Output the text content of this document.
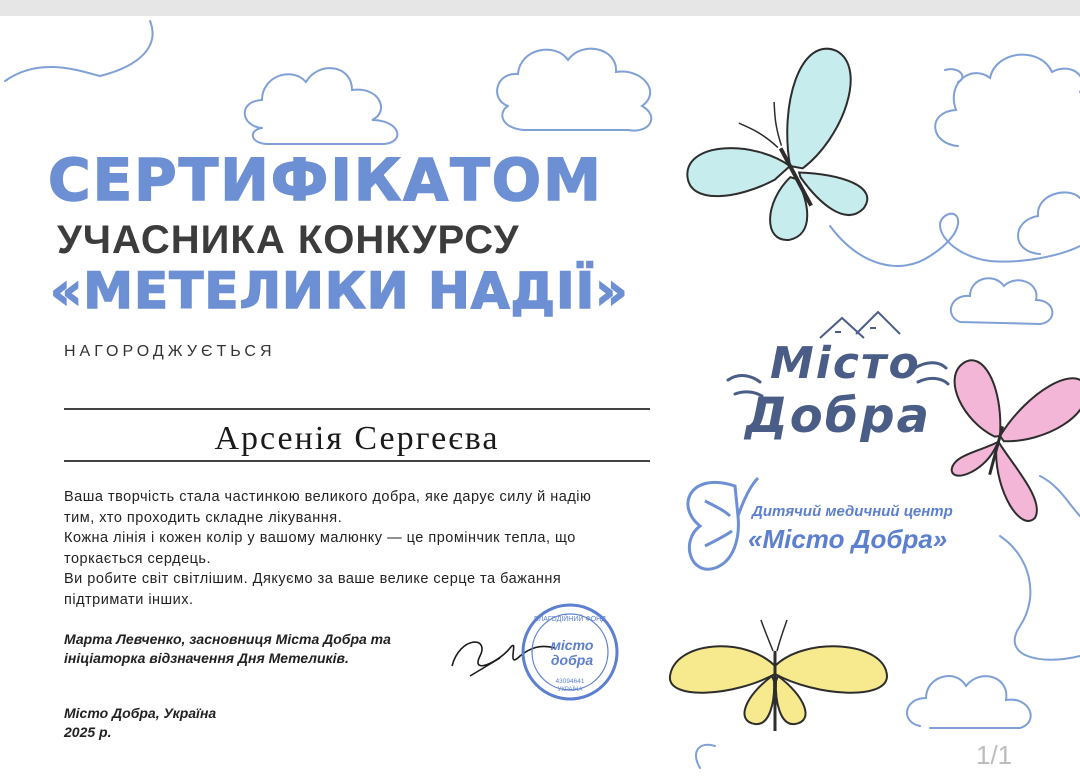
БЛАГОДІЙНИЙ ФОНД
місто
добра
43094641
УКРАЇНА
СЕРТИФІКАТОМ
УЧАСНИКА КОНКУРСУ
«МЕТЕЛИКИ НАДІЇ»
НАГОРОДЖУЄТЬСЯ
Арсенія Сергеєва

Ваша творчість стала частинкою великого добра, яке дарує силу й надію тим, хто проходить складне лікування.

Кожна лінія і кожен колір у вашому малюнку — це промінчик тепла, що торкається сердець.

Ви робите світ світлішим. Дякуємо за ваше велике серце та бажання підтримати інших.

Марта Левченко, засновниця Міста Добра та

ініціаторка відзначення Дня Метеликів.

Місто Добра, Україна

2025 р.

Місто
Добра
Дитячий медичний центр
«Місто Добра»
1/1
